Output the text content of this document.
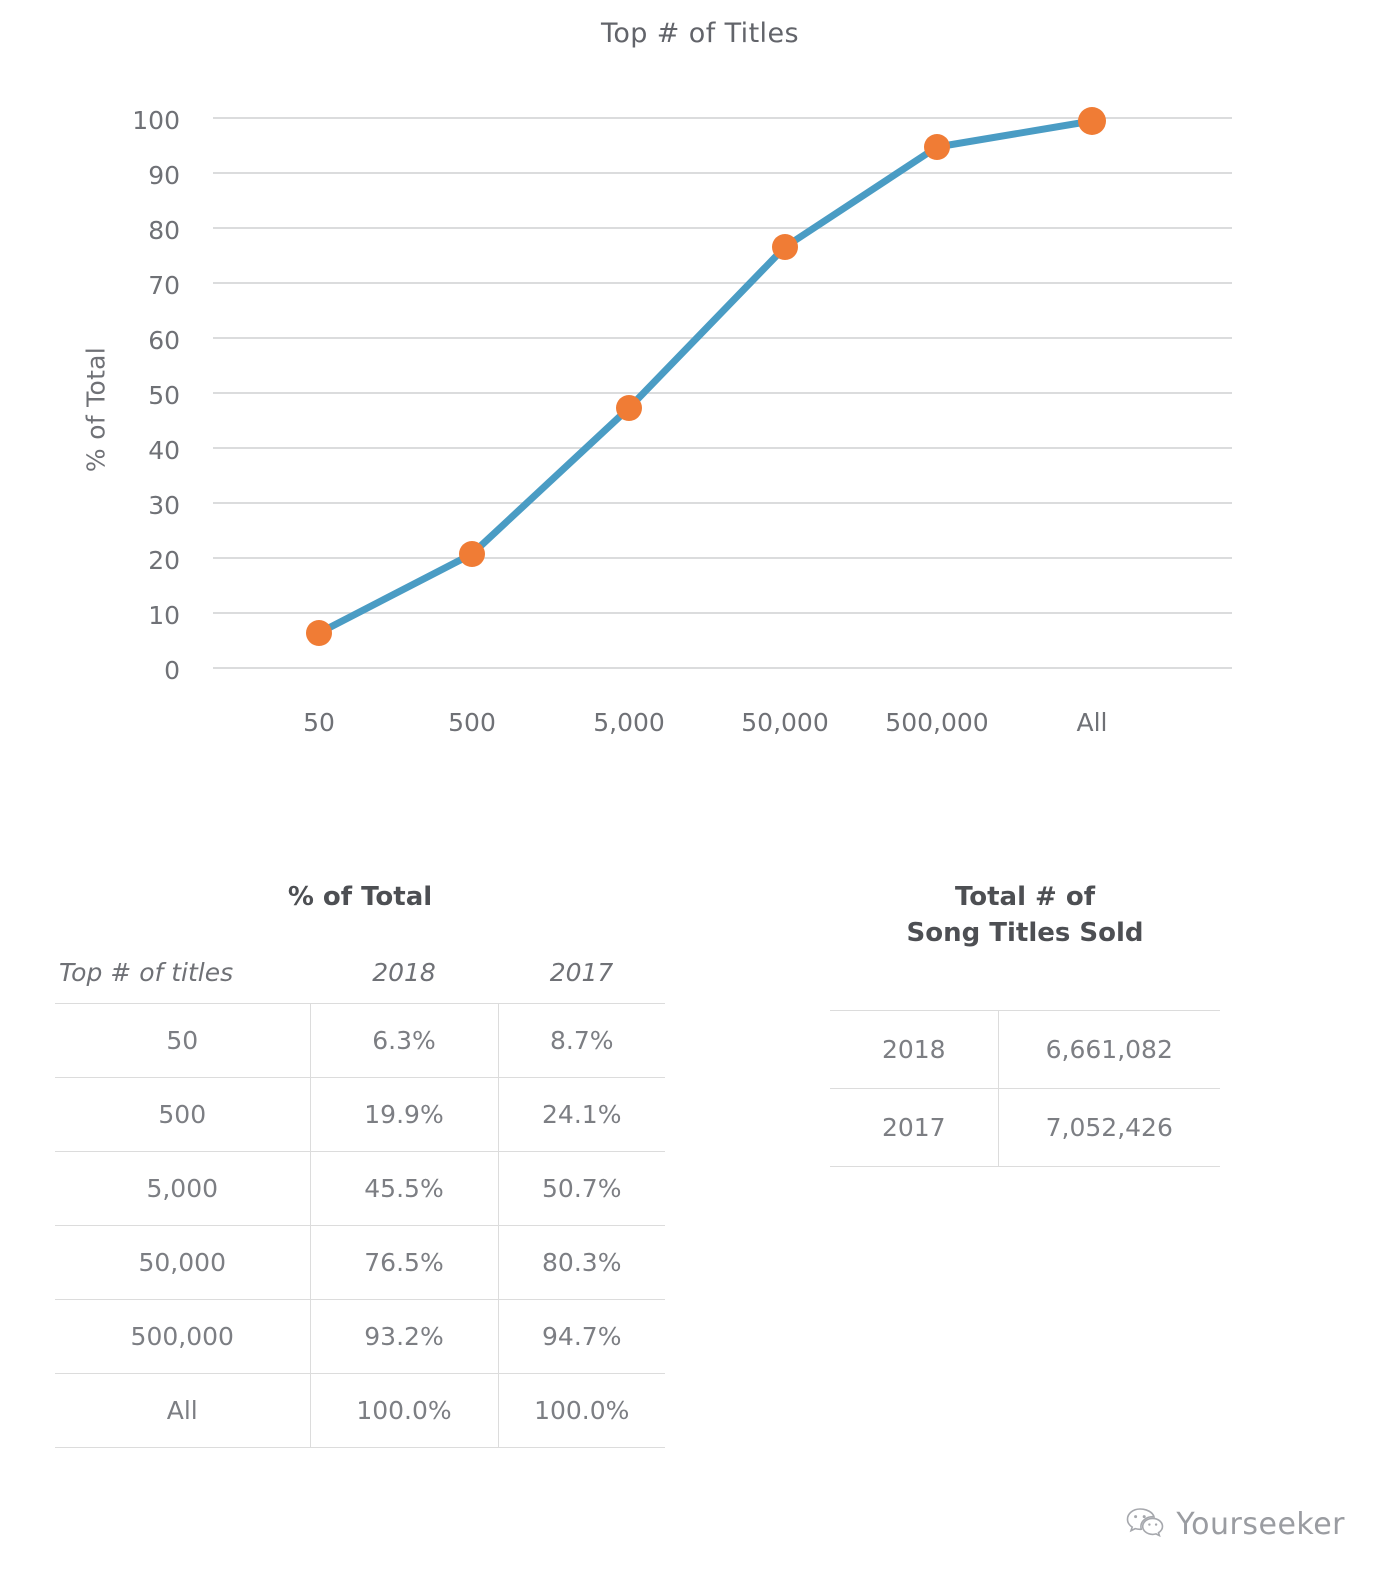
Top # of Titles
% of Total
100
90
80
70
60
50
40
30
20
10
0
50	500	5,000	50,000 500,000	All
% of Total
Top # of titles	2018	2017
50	6.3%	8.7%
500	19.9%	24.1%
5,000	45.5%	50.7%
50,000	76.5%	80.3%
500,000	93.2%	94.7%
All	100.0%	100.0%
Total # of
Song Titles Sold
2018	6,661,082
2017	7,052,426
Yourseeker
